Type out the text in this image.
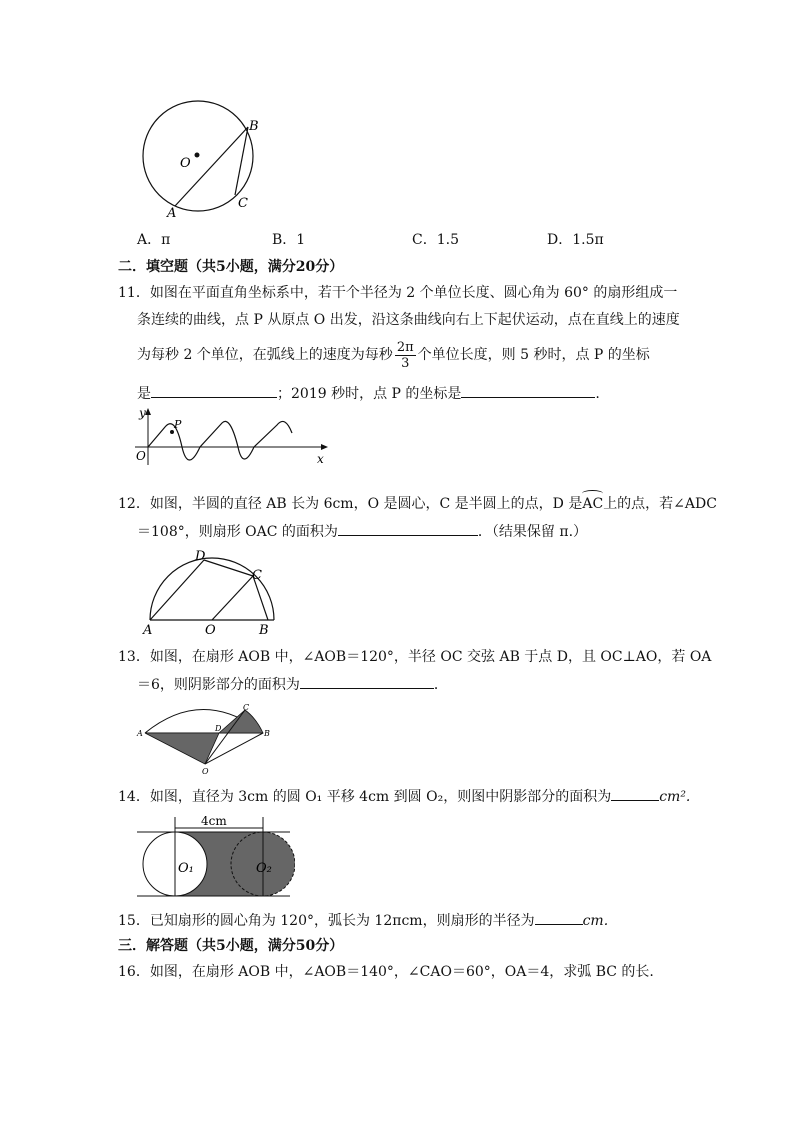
O
B
C
A
A．π	B．1	C．1.5	D．1.5π
二．填空题（共5小题，满分20分）
11．如图在平面直角坐标系中，若干个半径为 2 个单位长度、圆心角为 60° 的扇形组成一
条连续的曲线，点 P 从原点 O 出发，沿这条曲线向右上下起伏运动，点在直线上的速度
为每秒 2 个单位，在弧线上的速度为每秒 $\frac{2\pi}{3}$ 个单位长度，则 5 秒时，点 P 的坐标
是	；2019 秒时，点 P 的坐标是	.
y
P
O	x
12．如图，半圆的直径 AB 长为 6cm，O 是圆心，C 是半圆上的点，D 是AC上的点，若∠ADC
＝108°，则扇形 OAC 的面积为	．（结果保留 π.）
D
C
A	O	B
13．如图，在扇形 AOB 中，∠AOB＝120°，半径 OC 交弦 AB 于点 D，且 OC⊥AO，若 OA
＝6，则阴影部分的面积为	．
A
C
D
B
O
14．如图，直径为 3cm 的圆 O₁ 平移 4cm 到圆 O₂，则图中阴影部分的面积为	cm².
4cm
O₁	O₂
15．已知扇形的圆心角为 120°，弧长为 12πcm，则扇形的半径为	cm.
三．解答题（共5小题，满分50分）
16．如图，在扇形 AOB 中，∠AOB＝140°，∠CAO＝60°，OA＝4，求弧 BC 的长.
